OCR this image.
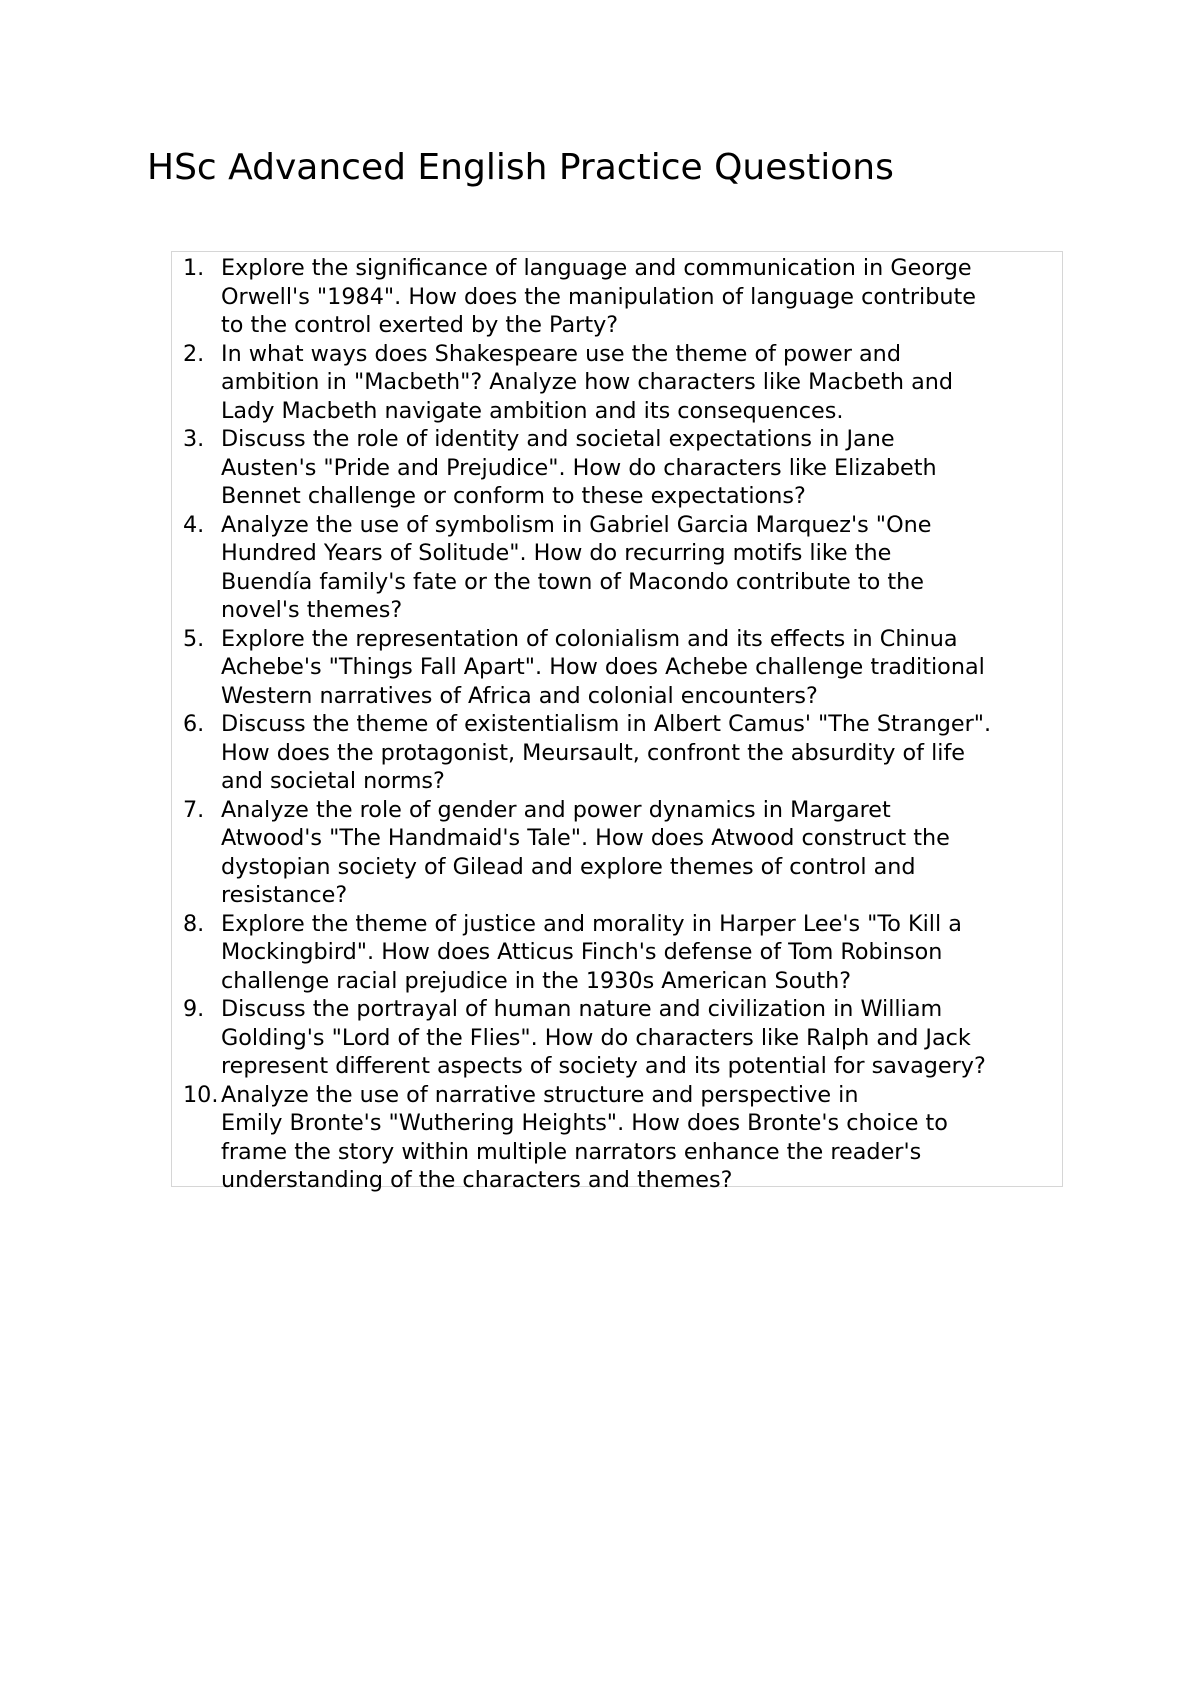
HSc Advanced English Practice Questions
1. Explore the significance of language and communication in George
Orwell's "1984". How does the manipulation of language contribute
to the control exerted by the Party?
2. In what ways does Shakespeare use the theme of power and
ambition in "Macbeth"? Analyze how characters like Macbeth and
Lady Macbeth navigate ambition and its consequences.
3. Discuss the role of identity and societal expectations in Jane
Austen's "Pride and Prejudice". How do characters like Elizabeth
Bennet challenge or conform to these expectations?
4. Analyze the use of symbolism in Gabriel Garcia Marquez's "One
Hundred Years of Solitude". How do recurring motifs like the
Buendía family's fate or the town of Macondo contribute to the
novel's themes?
5. Explore the representation of colonialism and its effects in Chinua
Achebe's "Things Fall Apart". How does Achebe challenge traditional
Western narratives of Africa and colonial encounters?
6. Discuss the theme of existentialism in Albert Camus' "The Stranger".
How does the protagonist, Meursault, confront the absurdity of life
and societal norms?
7. Analyze the role of gender and power dynamics in Margaret
Atwood's "The Handmaid's Tale". How does Atwood construct the
dystopian society of Gilead and explore themes of control and
resistance?
8. Explore the theme of justice and morality in Harper Lee's "To Kill a
Mockingbird". How does Atticus Finch's defense of Tom Robinson
challenge racial prejudice in the 1930s American South?
9. Discuss the portrayal of human nature and civilization in William
Golding's "Lord of the Flies". How do characters like Ralph and Jack
represent different aspects of society and its potential for savagery?
10. Analyze the use of narrative structure and perspective in
Emily Bronte's "Wuthering Heights". How does Bronte's choice to
frame the story within multiple narrators enhance the reader's
understanding of the characters and themes?
